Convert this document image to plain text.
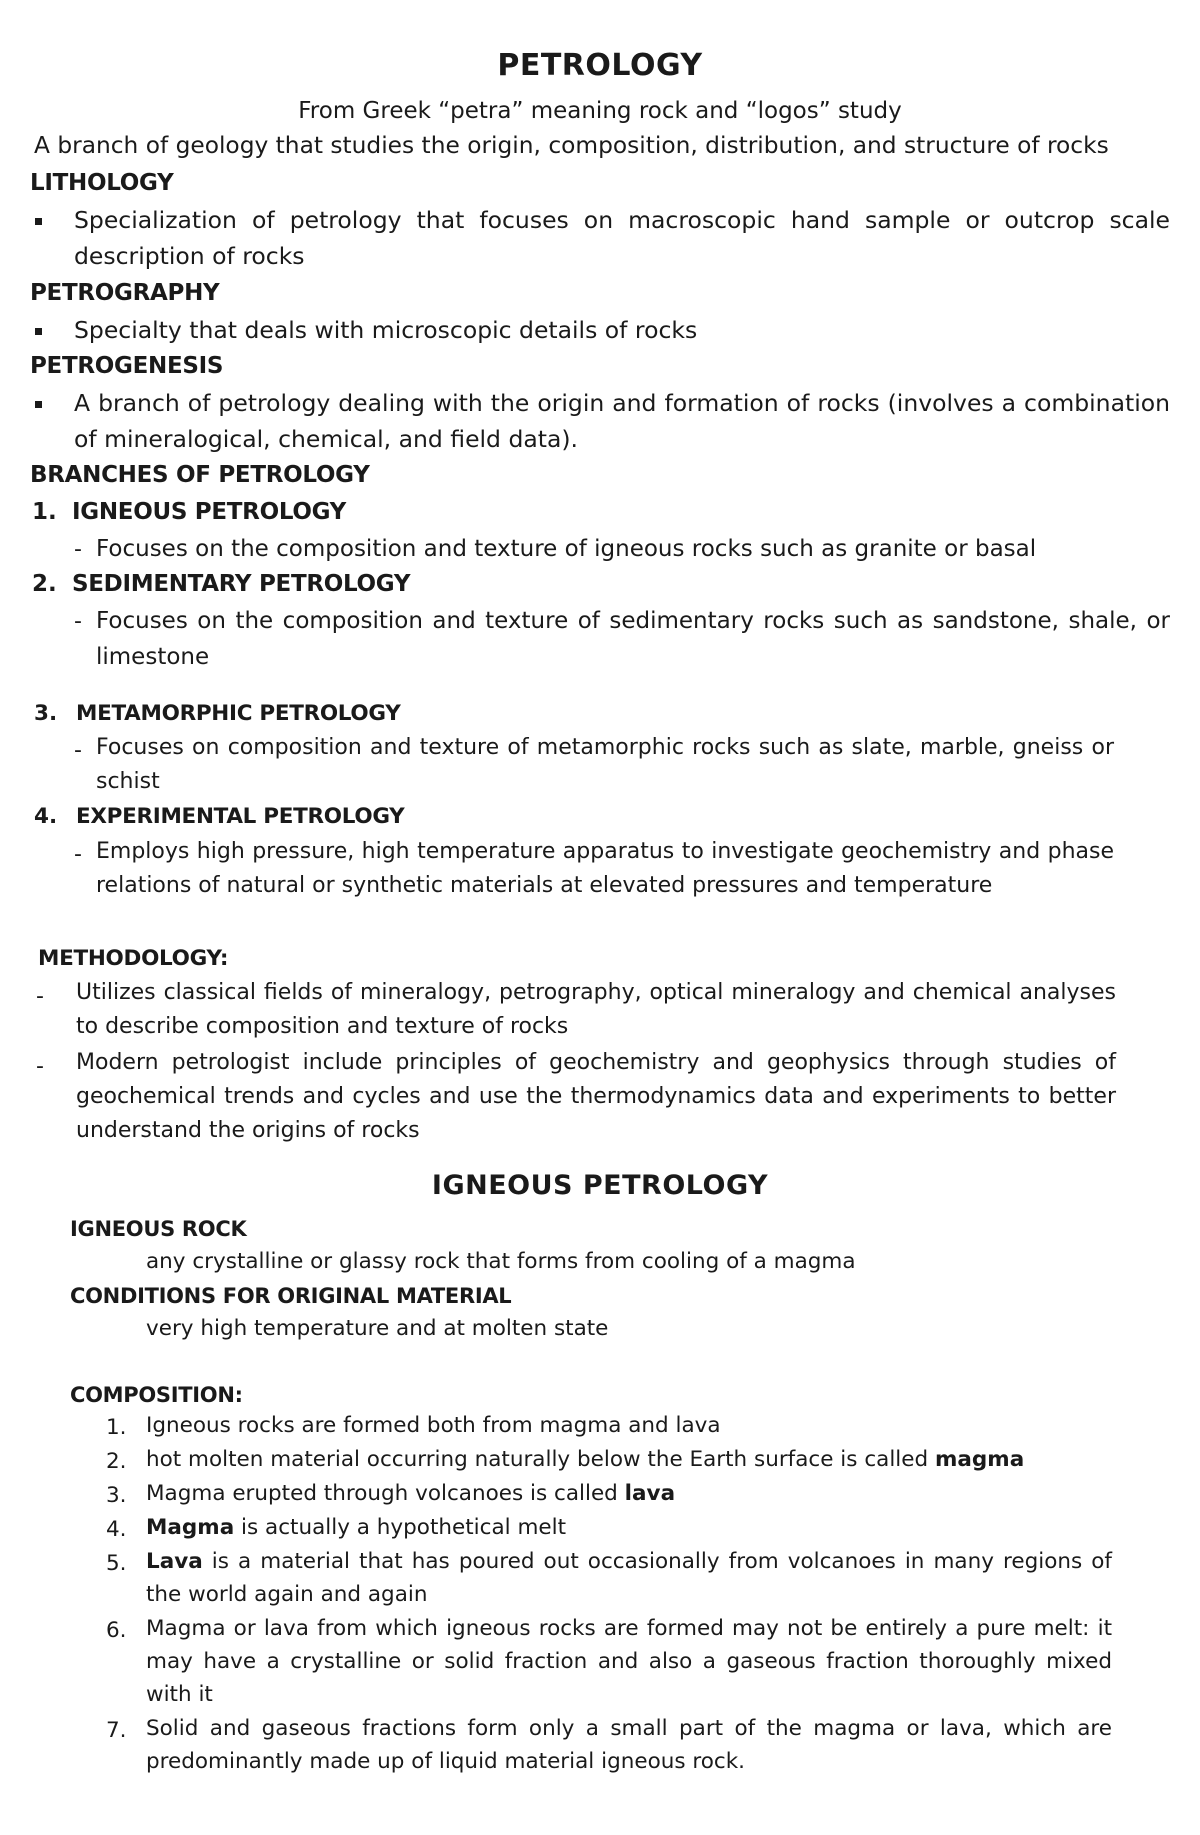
PETROLOGY
From Greek “petra” meaning rock and “logos” study
A branch of geology that studies the origin, composition, distribution, and structure of rocks
LITHOLOGY
Specialization of petrology that focuses on macroscopic hand sample or outcrop scale description of rocks
PETROGRAPHY
Specialty that deals with microscopic details of rocks
PETROGENESIS
A branch of petrology dealing with the origin and formation of rocks (involves a combination of mineralogical, chemical, and field data).
BRANCHES OF PETROLOGY
1. IGNEOUS PETROLOGY
- Focuses on the composition and texture of igneous rocks such as granite or basal
2. SEDIMENTARY PETROLOGY
- Focuses on the composition and texture of sedimentary rocks such as sandstone, shale, or limestone
3. METAMORPHIC PETROLOGY
- Focuses on composition and texture of metamorphic rocks such as slate, marble, gneiss or schist
4. EXPERIMENTAL PETROLOGY
- Employs high pressure, high temperature apparatus to investigate geochemistry and phase relations of natural or synthetic materials at elevated pressures and temperature
METHODOLOGY:
- Utilizes classical fields of mineralogy, petrography, optical mineralogy and chemical analyses to describe composition and texture of rocks
- Modern petrologist include principles of geochemistry and geophysics through studies of geochemical trends and cycles and use the thermodynamics data and experiments to better understand the origins of rocks
IGNEOUS PETROLOGY
IGNEOUS ROCK
any crystalline or glassy rock that forms from cooling of a magma
CONDITIONS FOR ORIGINAL MATERIAL
very high temperature and at molten state
COMPOSITION:
1. Igneous rocks are formed both from magma and lava
2. hot molten material occurring naturally below the Earth surface is called magma
3. Magma erupted through volcanoes is called lava
4. Magma is actually a hypothetical melt
5. Lava is a material that has poured out occasionally from volcanoes in many regions of the world again and again
6. Magma or lava from which igneous rocks are formed may not be entirely a pure melt: it may have a crystalline or solid fraction and also a gaseous fraction thoroughly mixed with it
7. Solid and gaseous fractions form only a small part of the magma or lava, which are predominantly made up of liquid material igneous rock.
